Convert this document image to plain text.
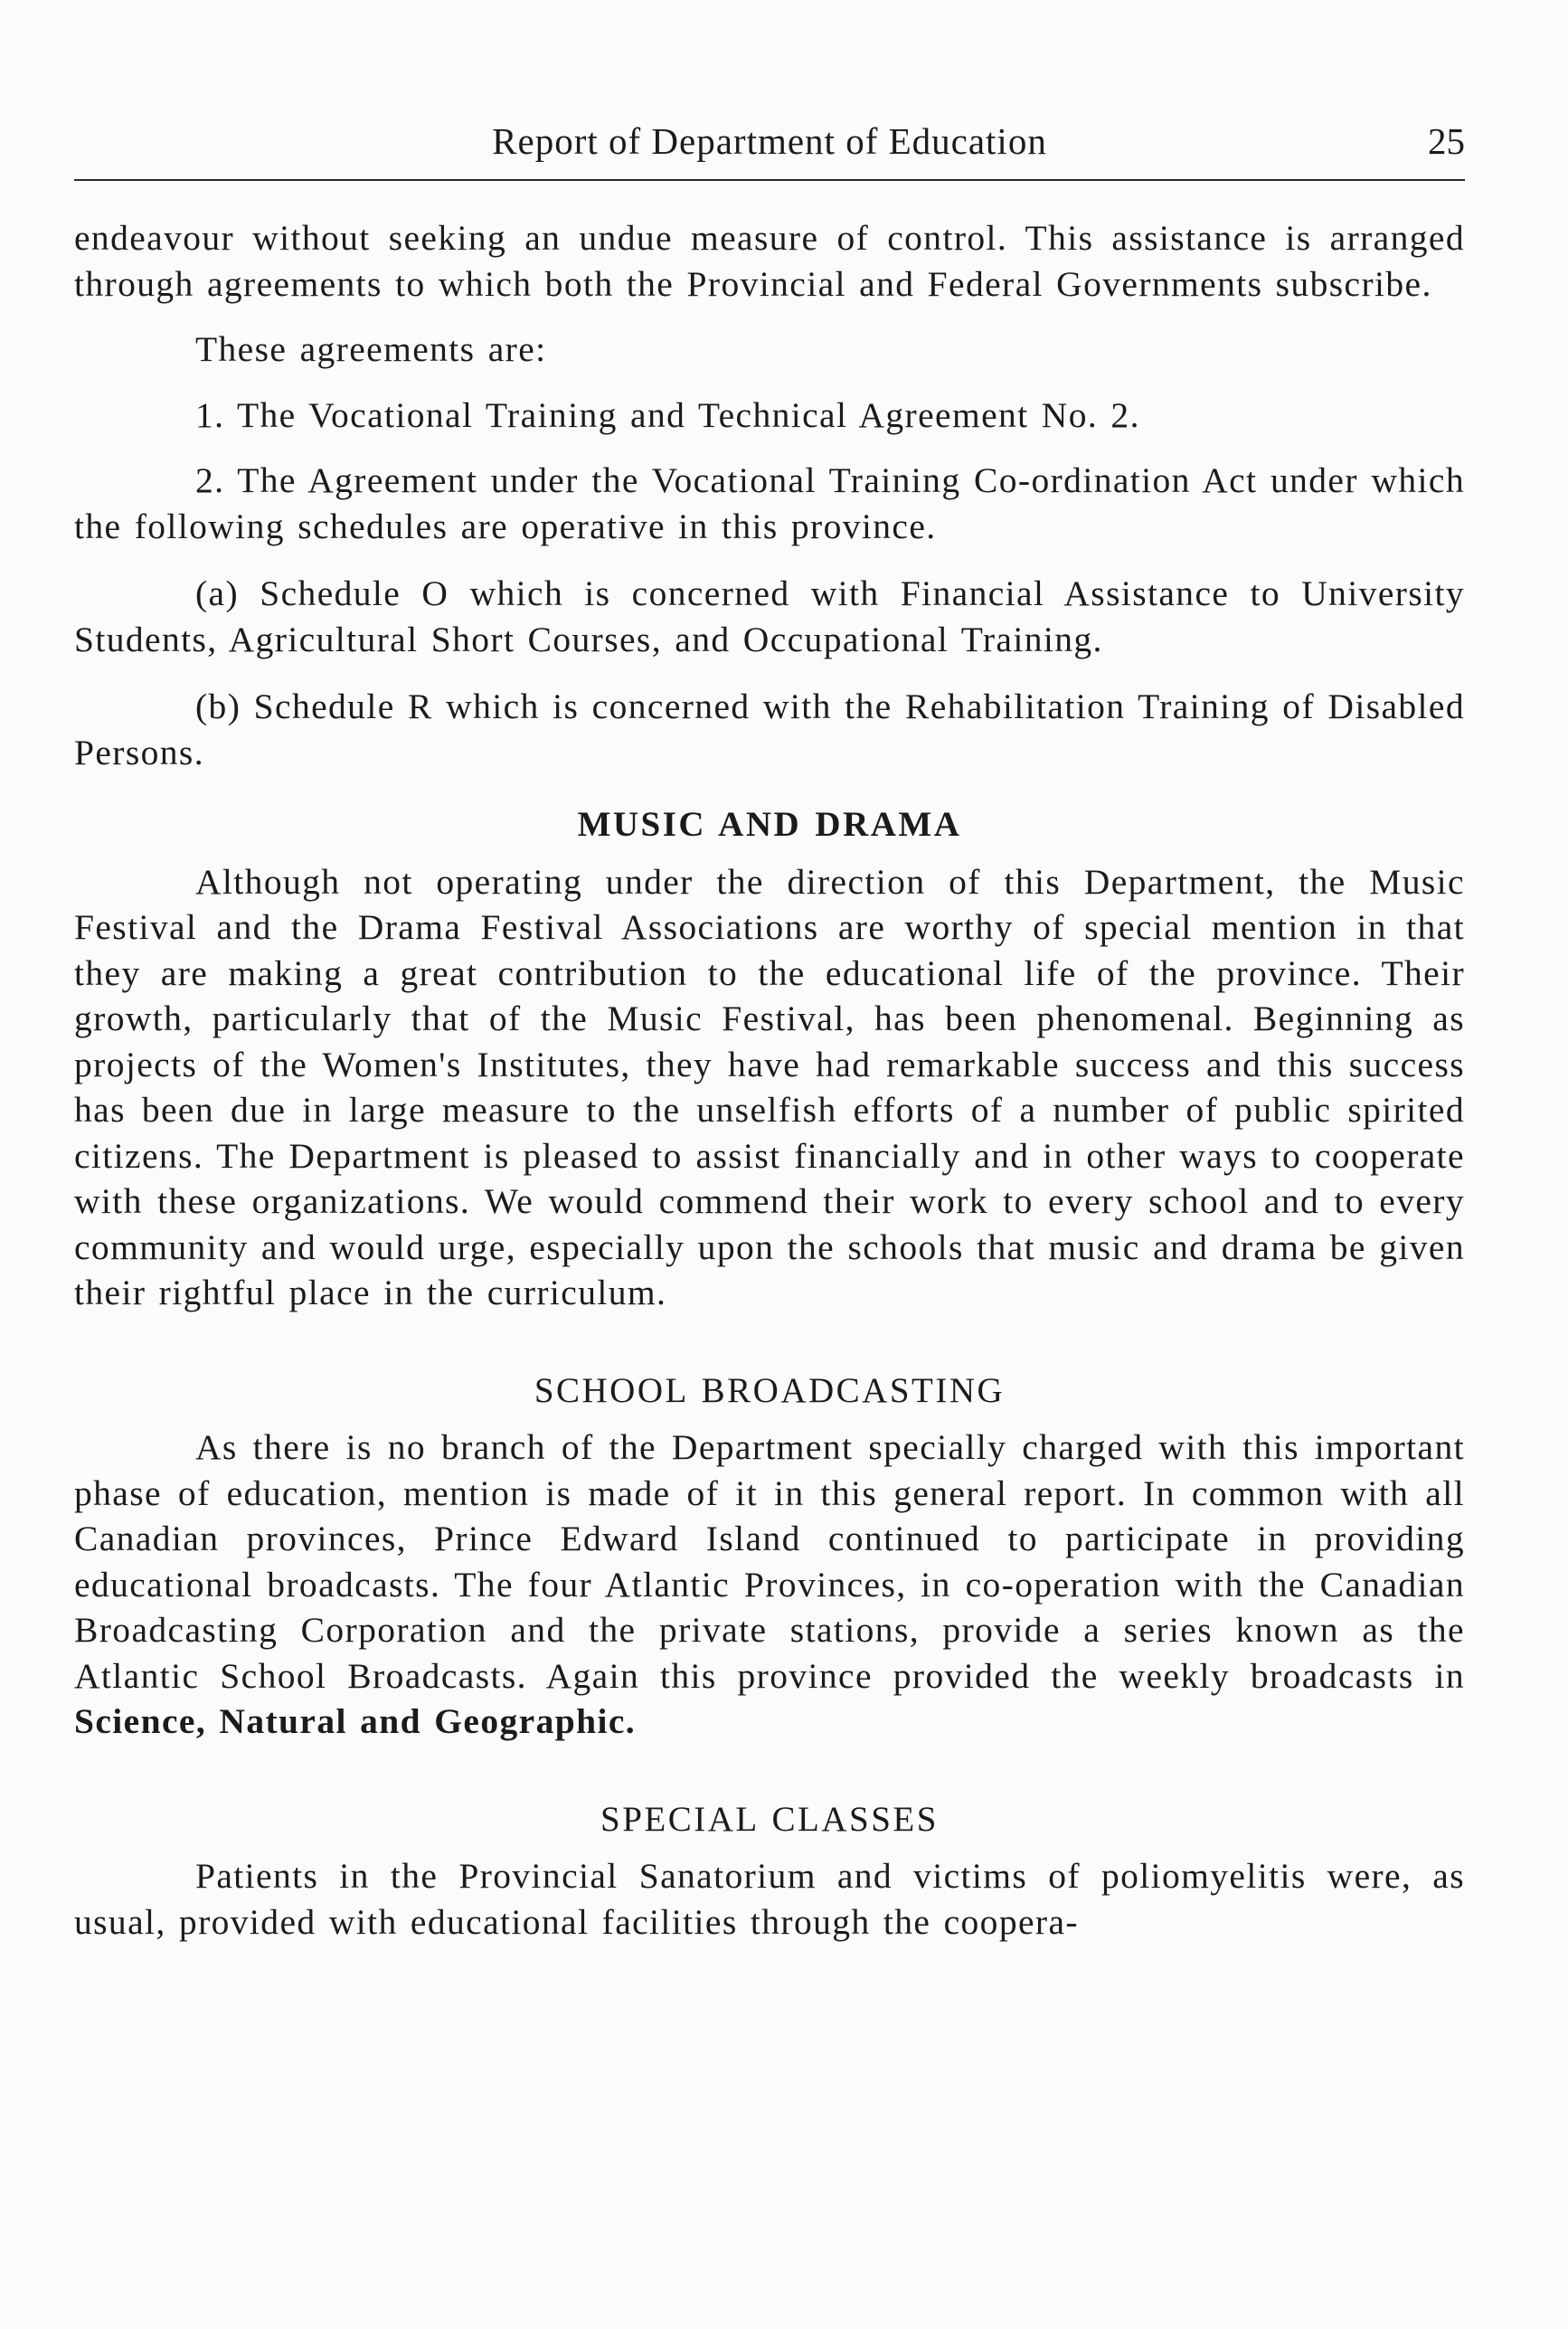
Report of Department of Education	25

endeavour without seeking an undue measure of control. This assistance is arranged through agreements to which both the Provincial and Federal Governments subscribe.

These agreements are:

1. The Vocational Training and Technical Agreement No. 2.

2. The Agreement under the Vocational Training Co-ordination Act under which the following schedules are operative in this province.

(a) Schedule O which is concerned with Financial Assistance to University Students, Agricultural Short Courses, and Occupational Training.

(b) Schedule R which is concerned with the Rehabilitation Training of Disabled Persons.

MUSIC AND DRAMA

Although not operating under the direction of this Department, the Music Festival and the Drama Festival Associations are worthy of special mention in that they are making a great contribution to the educational life of the province. Their growth, particularly that of the Music Festival, has been phenomenal. Beginning as projects of the Women's Institutes, they have had remarkable success and this success has been due in large measure to the unselfish efforts of a number of public spirited citizens. The Department is pleased to assist financially and in other ways to cooperate with these organizations. We would commend their work to every school and to every community and would urge, especially upon the schools that music and drama be given their rightful place in the curriculum.

SCHOOL BROADCASTING

As there is no branch of the Department specially charged with this important phase of education, mention is made of it in this general report. In common with all Canadian provinces, Prince Edward Island continued to participate in providing educational broadcasts. The four Atlantic Provinces, in co-operation with the Canadian Broadcasting Corporation and the private stations, provide a series known as the Atlantic School Broadcasts. Again this province provided the weekly broadcasts in Science, Natural and Geographic.

SPECIAL CLASSES

Patients in the Provincial Sanatorium and victims of poliomyelitis were, as usual, provided with educational facilities through the coopera-
